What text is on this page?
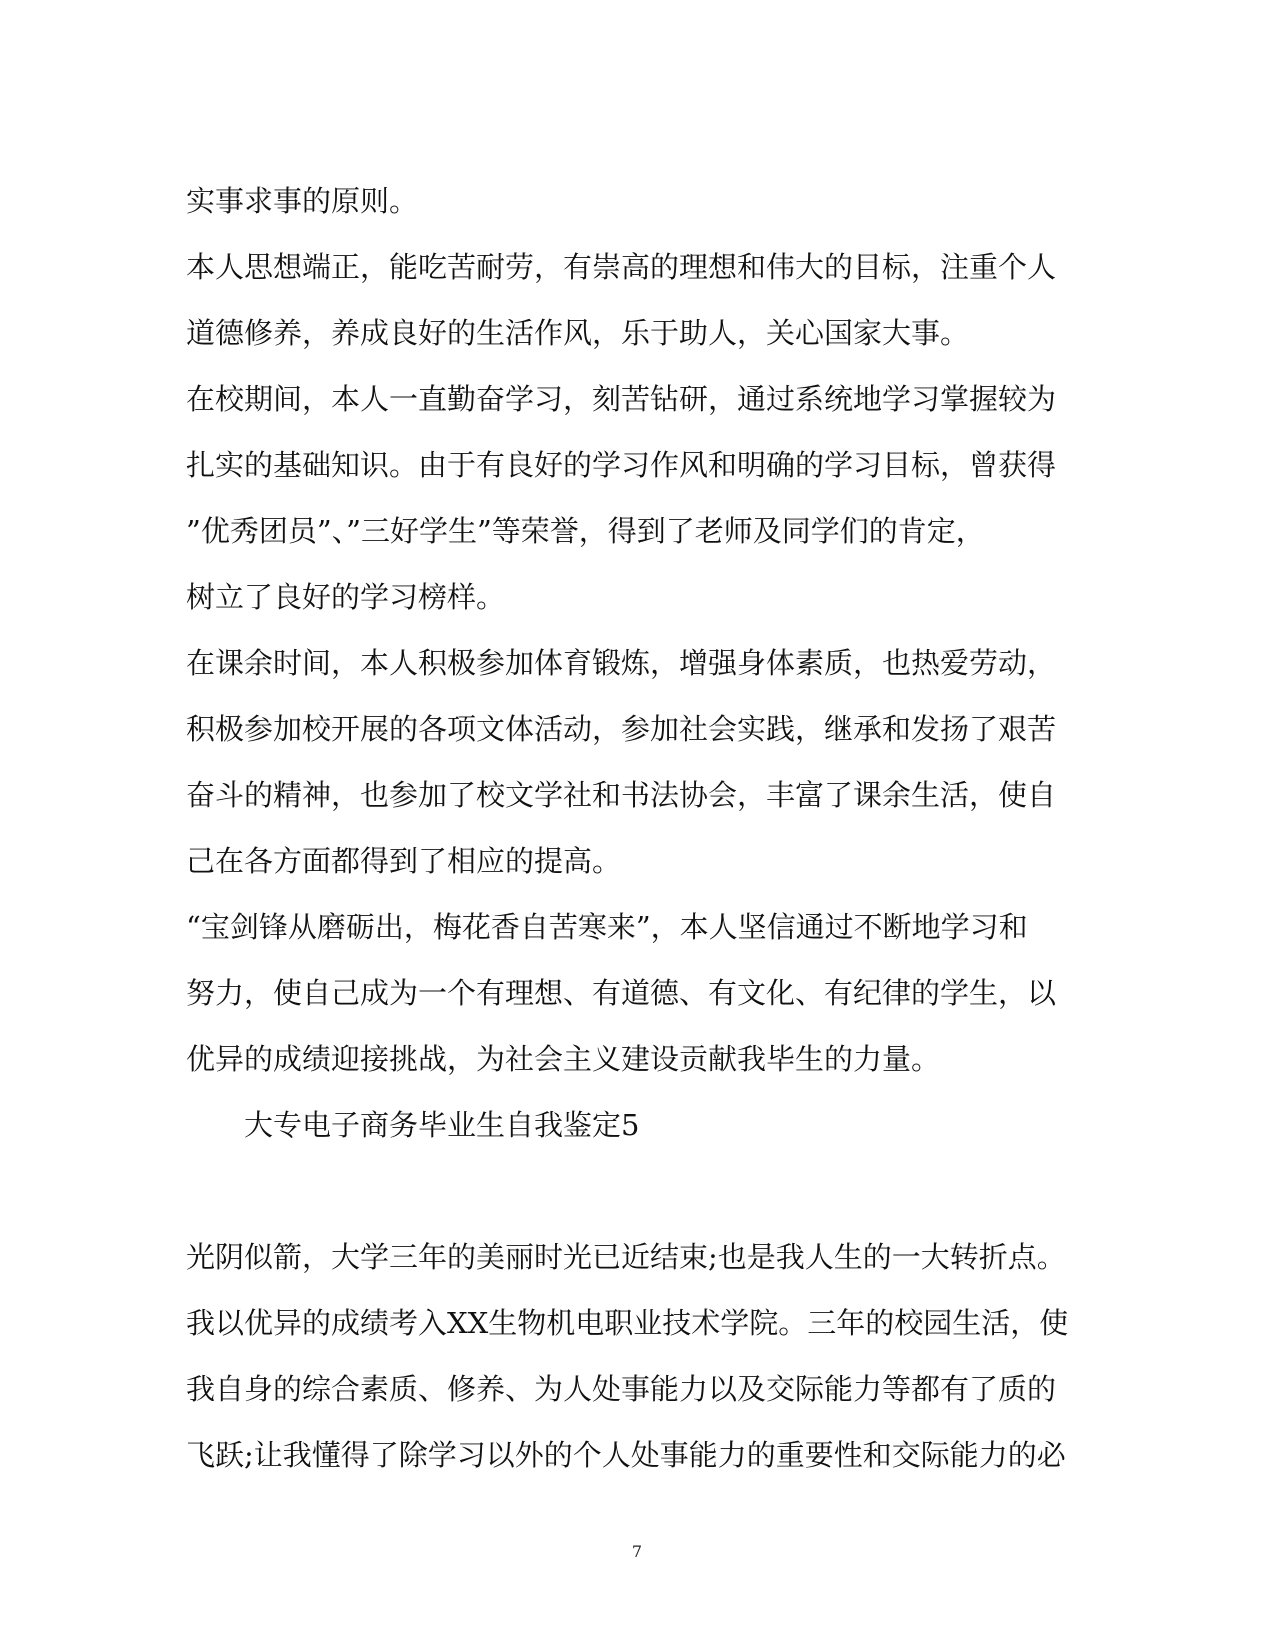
实事求事的原则。
本人思想端正，能吃苦耐劳，有崇高的理想和伟大的目标，注重个人
道德修养，养成良好的生活作风，乐于助人，关心国家大事。
在校期间，本人一直勤奋学习，刻苦钻研，通过系统地学习掌握较为
扎实的基础知识。由于有良好的学习作风和明确的学习目标，曾获得
”优秀团员”、”三好学生”等荣誉，得到了老师及同学们的肯定，
树立了良好的学习榜样。
在课余时间，本人积极参加体育锻炼，增强身体素质，也热爱劳动，
积极参加校开展的各项文体活动，参加社会实践，继承和发扬了艰苦
奋斗的精神，也参加了校文学社和书法协会，丰富了课余生活，使自
己在各方面都得到了相应的提高。
“宝剑锋从磨砺出，梅花香自苦寒来”，本人坚信通过不断地学习和
努力，使自己成为一个有理想、有道德、有文化、有纪律的学生，以
优异的成绩迎接挑战，为社会主义建设贡献我毕生的力量。
大专电子商务毕业生自我鉴定5
光阴似箭，大学三年的美丽时光已近结束;也是我人生的一大转折点。
我以优异的成绩考入XX生物机电职业技术学院。三年的校园生活，使
我自身的综合素质、修养、为人处事能力以及交际能力等都有了质的
飞跃;让我懂得了除学习以外的个人处事能力的重要性和交际能力的必
7
